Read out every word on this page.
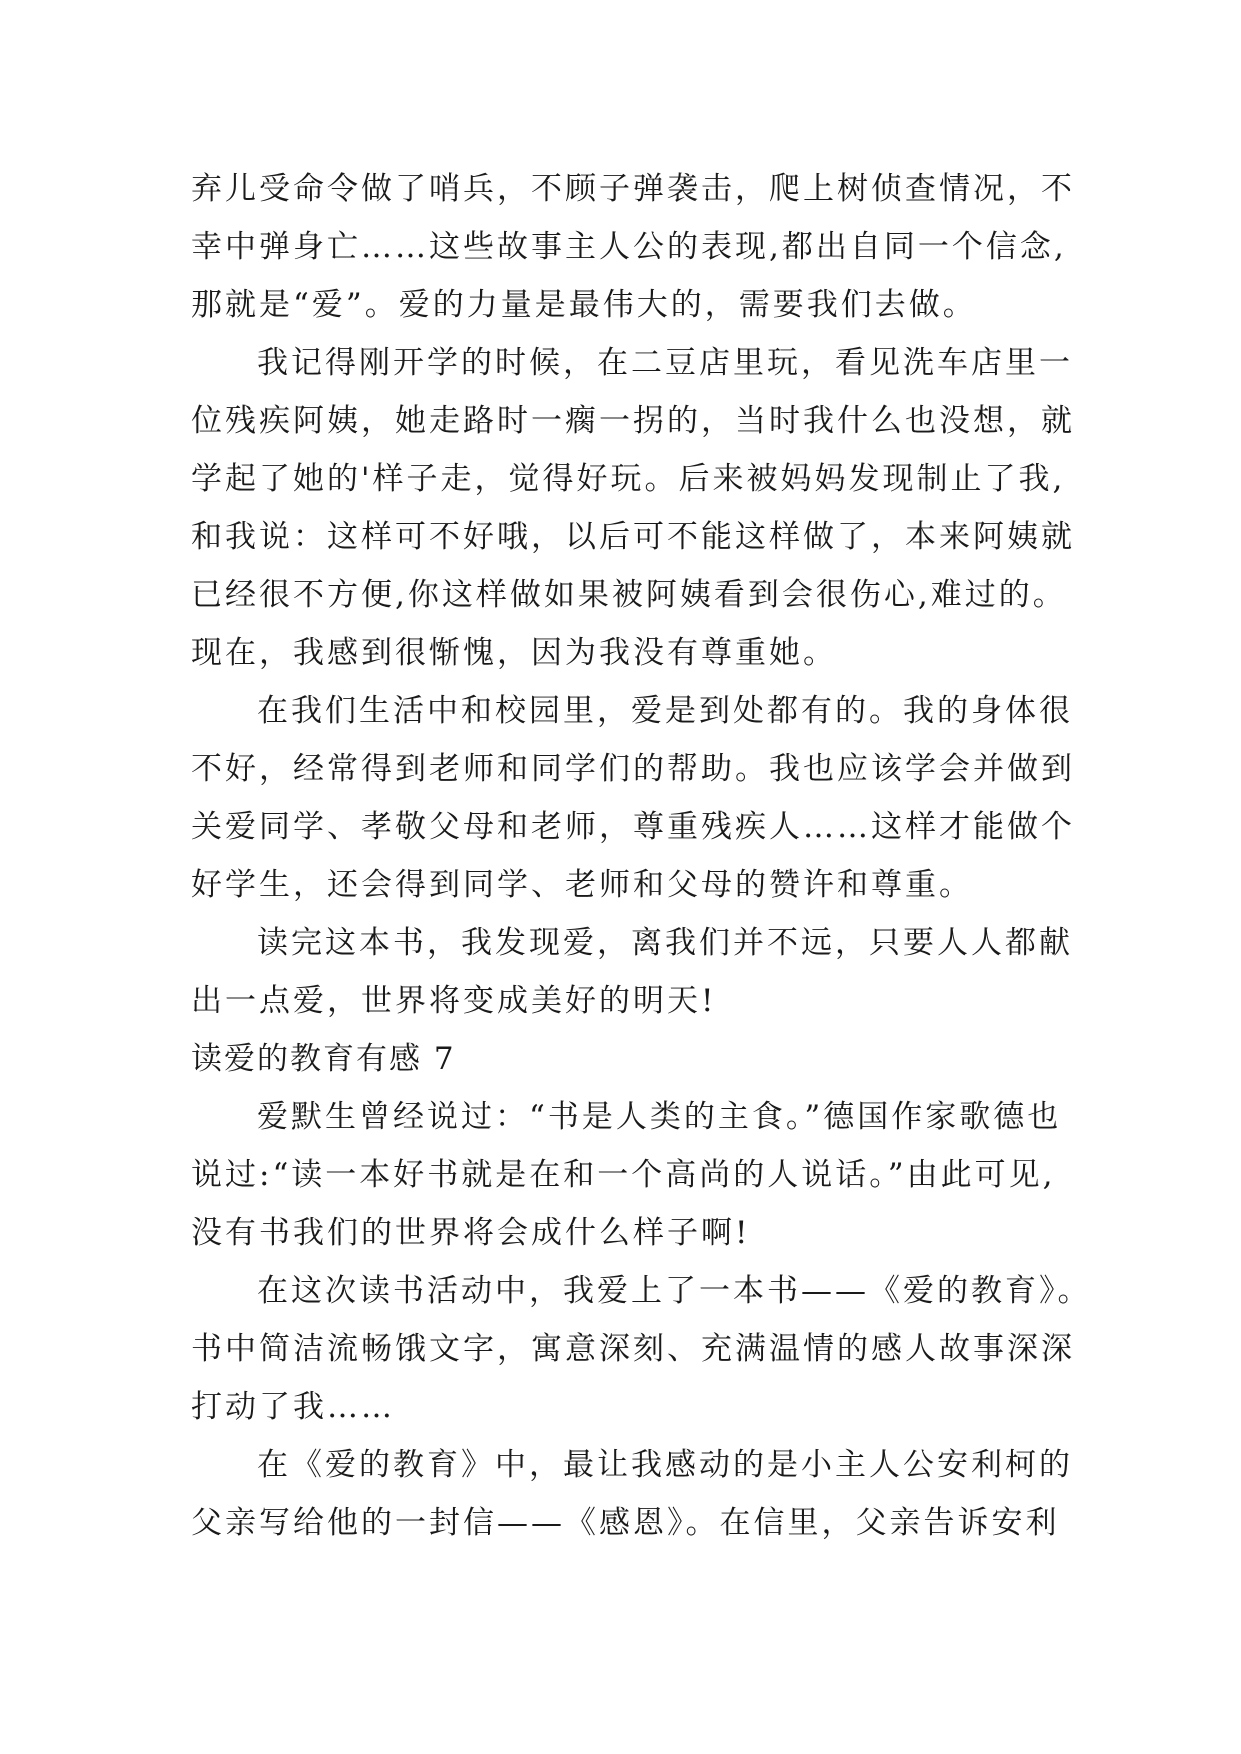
弃儿受命令做了哨兵，不顾子弹袭击，爬上树侦查情况，不
幸中弹身亡……这些故事主人公的表现,都出自同一个信念,
那就是“爱”。爱的力量是最伟大的，需要我们去做。
我记得刚开学的时候，在二豆店里玩，看见洗车店里一
位残疾阿姨，她走路时一瘸一拐的，当时我什么也没想，就
学起了她的'样子走，觉得好玩。后来被妈妈发现制止了我,
和我说：这样可不好哦，以后可不能这样做了，本来阿姨就
已经很不方便,你这样做如果被阿姨看到会很伤心,难过的。
现在，我感到很惭愧，因为我没有尊重她。
在我们生活中和校园里，爱是到处都有的。我的身体很
不好，经常得到老师和同学们的帮助。我也应该学会并做到
关爱同学、孝敬父母和老师，尊重残疾人……这样才能做个
好学生，还会得到同学、老师和父母的赞许和尊重。
读完这本书，我发现爱，离我们并不远，只要人人都献
出一点爱，世界将变成美好的明天!
读爱的教育有感 7
爱默生曾经说过：“书是人类的主食。”德国作家歌德也
说过:“读一本好书就是在和一个高尚的人说话。”由此可见,
没有书我们的世界将会成什么样子啊!
在这次读书活动中，我爱上了一本书——《爱的教育》。
书中简洁流畅饿文字，寓意深刻、充满温情的感人故事深深
打动了我……
在《爱的教育》中，最让我感动的是小主人公安利柯的
父亲写给他的一封信——《感恩》。在信里，父亲告诉安利
